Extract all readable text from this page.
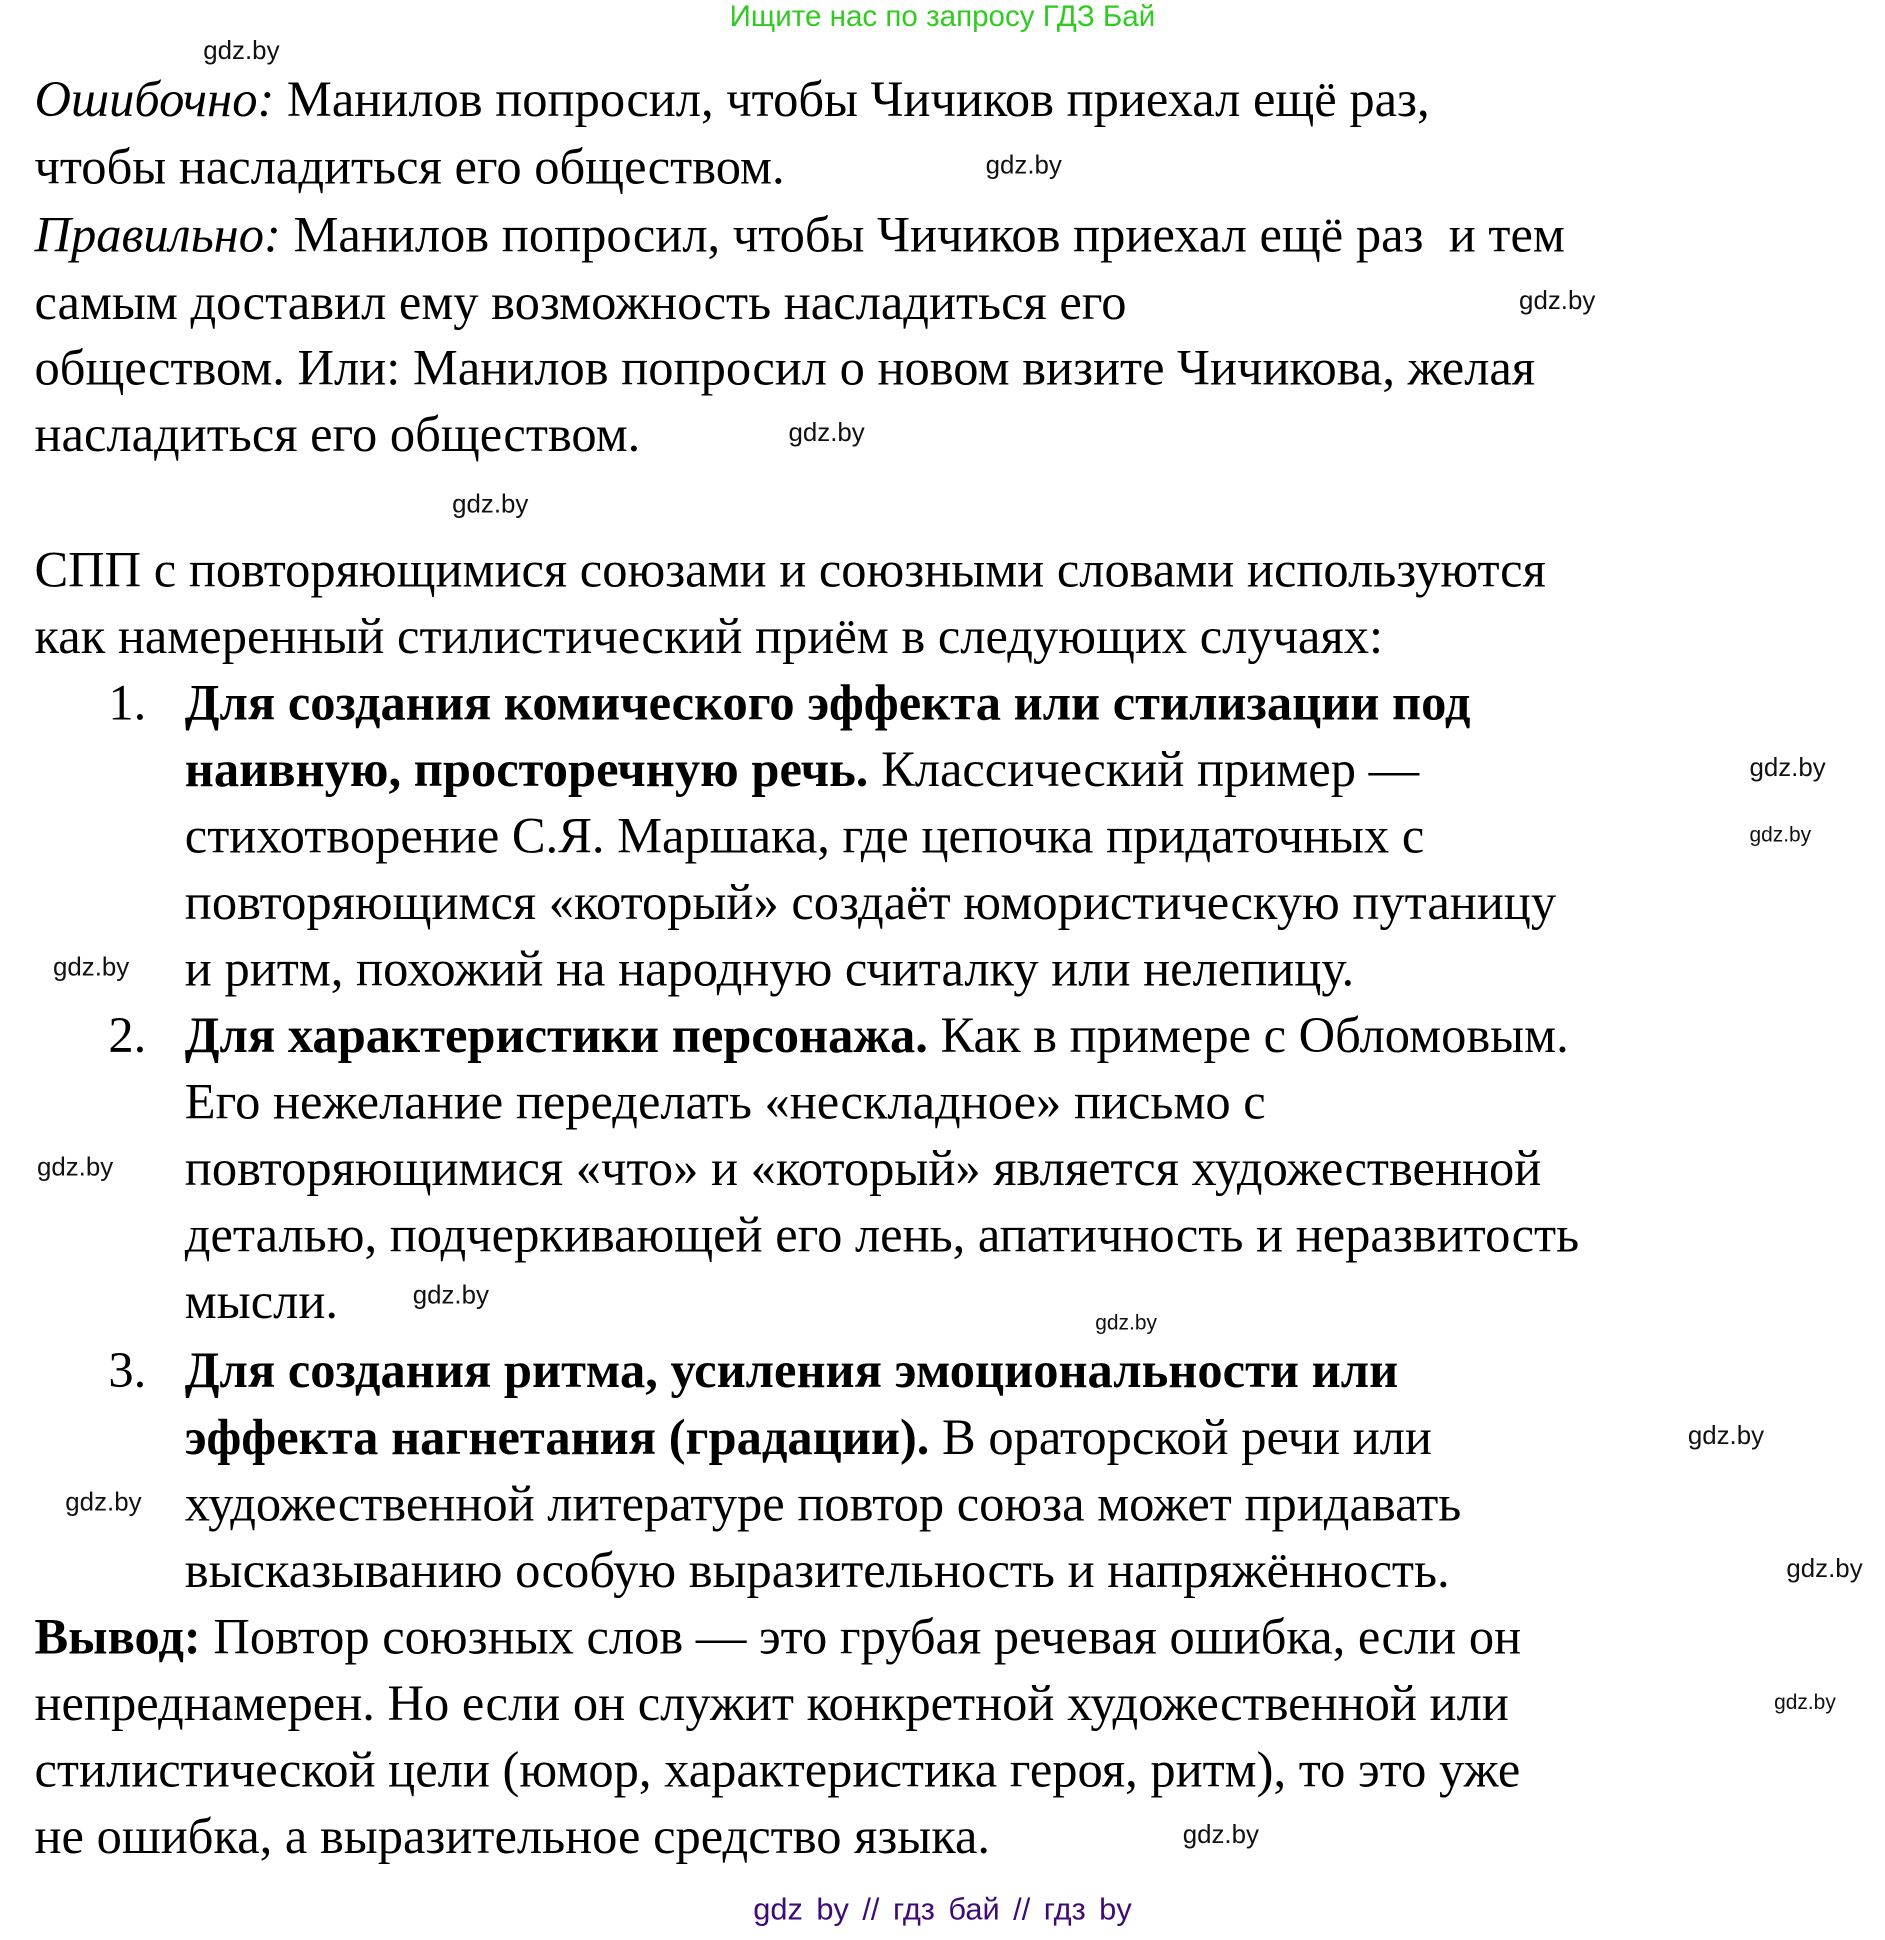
Ищите нас по запросу ГДЗ Бай
Ошибочно: Манилов попросил, чтобы Чичиков приехал ещё раз,
чтобы насладиться его обществом.
Правильно: Манилов попросил, чтобы Чичиков приехал ещё раз  и тем
самым доставил ему возможность насладиться его
обществом. Или: Манилов попросил о новом визите Чичикова, желая
насладиться его обществом.
СПП с повторяющимися союзами и союзными словами используются
как намеренный стилистический приём в следующих случаях:
1. Для создания комического эффекта или стилизации под
наивную, просторечную речь. Классический пример —
стихотворение С.Я. Маршака, где цепочка придаточных с
повторяющимся «который» создаёт юмористическую путаницу
и ритм, похожий на народную считалку или нелепицу.
2. Для характеристики персонажа. Как в примере с Обломовым.
Его нежелание переделать «нескладное» письмо с
повторяющимися «что» и «который» является художественной
деталью, подчеркивающей его лень, апатичность и неразвитость
мысли.
3. Для создания ритма, усиления эмоциональности или
эффекта нагнетания (градации). В ораторской речи или
художественной литературе повтор союза может придавать
высказыванию особую выразительность и напряжённость.
Вывод: Повтор союзных слов — это грубая речевая ошибка, если он
непреднамерен. Но если он служит конкретной художественной или
стилистической цели (юмор, характеристика героя, ритм), то это уже
не ошибка, а выразительное средство языка.
gdz.by
gdz.by
gdz.by
gdz.by
gdz.by
gdz.by
gdz.by
gdz.by
gdz.by
gdz.by
gdz.by
gdz.by
gdz.by
gdz.by
gdz.by
gdz.by
gdz by // гдз бай // гдз by
